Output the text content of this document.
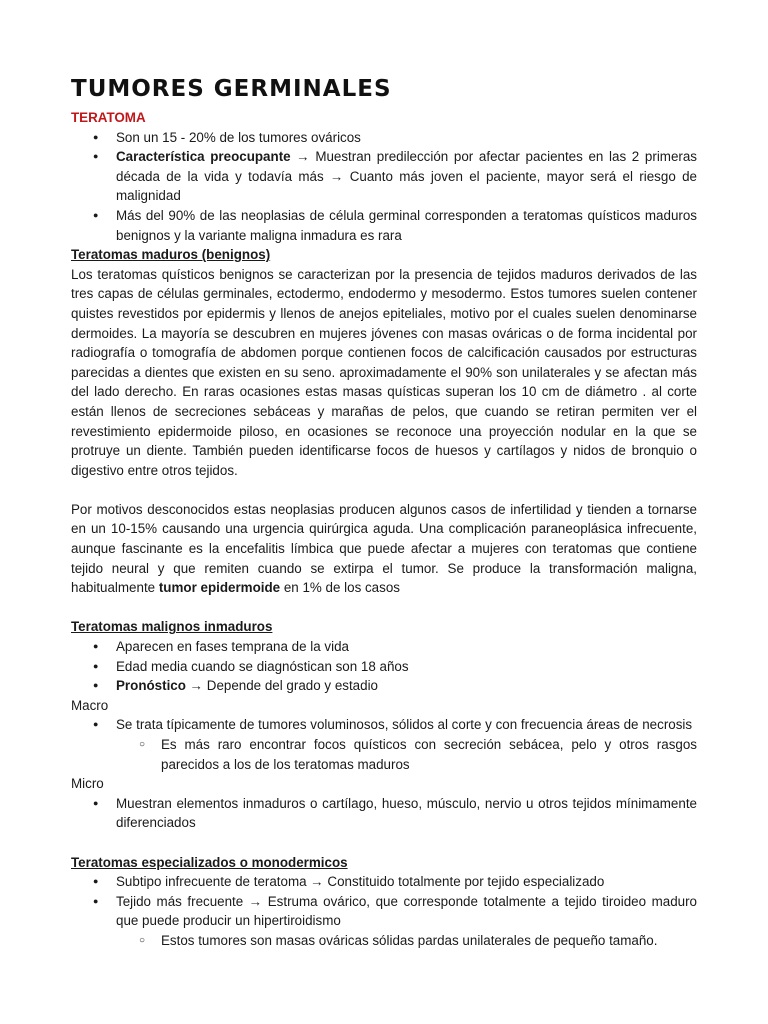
TUMORES GERMINALES
TERATOMA
● Son un 15 - 20% de los tumores ováricos
● Característica preocupante → Muestran predilección por afectar pacientes en las 2 primeras década de la vida y todavía más → Cuanto más joven el paciente, mayor será el riesgo de malignidad
● Más del 90% de las neoplasias de célula germinal corresponden a teratomas quísticos maduros benignos y la variante maligna inmadura es rara
Teratomas maduros (benignos)

Los teratomas quísticos benignos se caracterizan por la presencia de tejidos maduros derivados de las tres capas de células germinales, ectodermo, endodermo y mesodermo. Estos tumores suelen contener quistes revestidos por epidermis y llenos de anejos epiteliales, motivo por el cuales suelen denominarse dermoides. La mayoría se descubren en mujeres jóvenes con masas ováricas o de forma incidental por radiografía o tomografía de abdomen porque contienen focos de calcificación causados por estructuras parecidas a dientes que existen en su seno. aproximadamente el 90% son unilaterales y se afectan más del lado derecho. En raras ocasiones estas masas quísticas superan los 10 cm de diámetro . al corte están llenos de secreciones sebáceas y marañas de pelos, que cuando se retiran permiten ver el revestimiento epidermoide piloso, en ocasiones se reconoce una proyección nodular en la que se protruye un diente. También pueden identificarse focos de huesos y cartílagos y nidos de bronquio o digestivo entre otros tejidos.

Por motivos desconocidos estas neoplasias producen algunos casos de infertilidad y tienden a tornarse en un 10-15% causando una urgencia quirúrgica aguda. Una complicación paraneoplásica infrecuente, aunque fascinante es la encefalitis límbica que puede afectar a mujeres con teratomas que contiene tejido neural y que remiten cuando se extirpa el tumor. Se produce la transformación maligna, habitualmente tumor epidermoide en 1% de los casos

Teratomas malignos inmaduros
● Aparecen en fases temprana de la vida
● Edad media cuando se diagnóstican son 18 años
● Pronóstico → Depende del grado y estadio
Macro
● Se trata típicamente de tumores voluminosos, sólidos al corte y con frecuencia áreas de necrosis
○ Es más raro encontrar focos quísticos con secreción sebácea, pelo y otros rasgos parecidos a los de los teratomas maduros
Micro
● Muestran elementos inmaduros o cartílago, hueso, músculo, nervio u otros tejidos mínimamente diferenciados
Teratomas especializados o monodermicos
● Subtipo infrecuente de teratoma → Constituido totalmente por tejido especializado
● Tejido más frecuente → Estruma ovárico, que corresponde totalmente a tejido tiroideo maduro que puede producir un hipertiroidismo
○ Estos tumores son masas ováricas sólidas pardas unilaterales de pequeño tamaño.
